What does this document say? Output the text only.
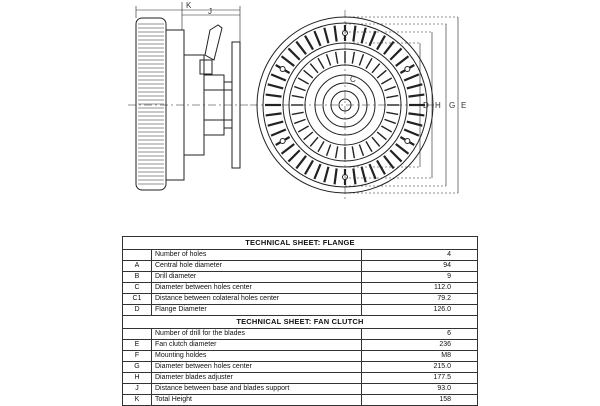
K
J
C
D H G E
TECHNICAL SHEET: FLANGE		
	Number of holes	4
A	Central hole diameter	94
B	Drill diameter	9
C	Diameter between holes center	112.0
C1	Distance between colateral holes center	79.2
D	Flange Diameter	126.0
TECHNICAL SHEET: FAN CLUTCH		
	Number of drill for the blades	6
E	Fan clutch diameter	236
F	Mounting holdes	M8
G	Diameter between holes center	215.0
H	Diameter blades adjuster	177.5
J	Distance between base and blades support	93.0
K	Total Height	158
